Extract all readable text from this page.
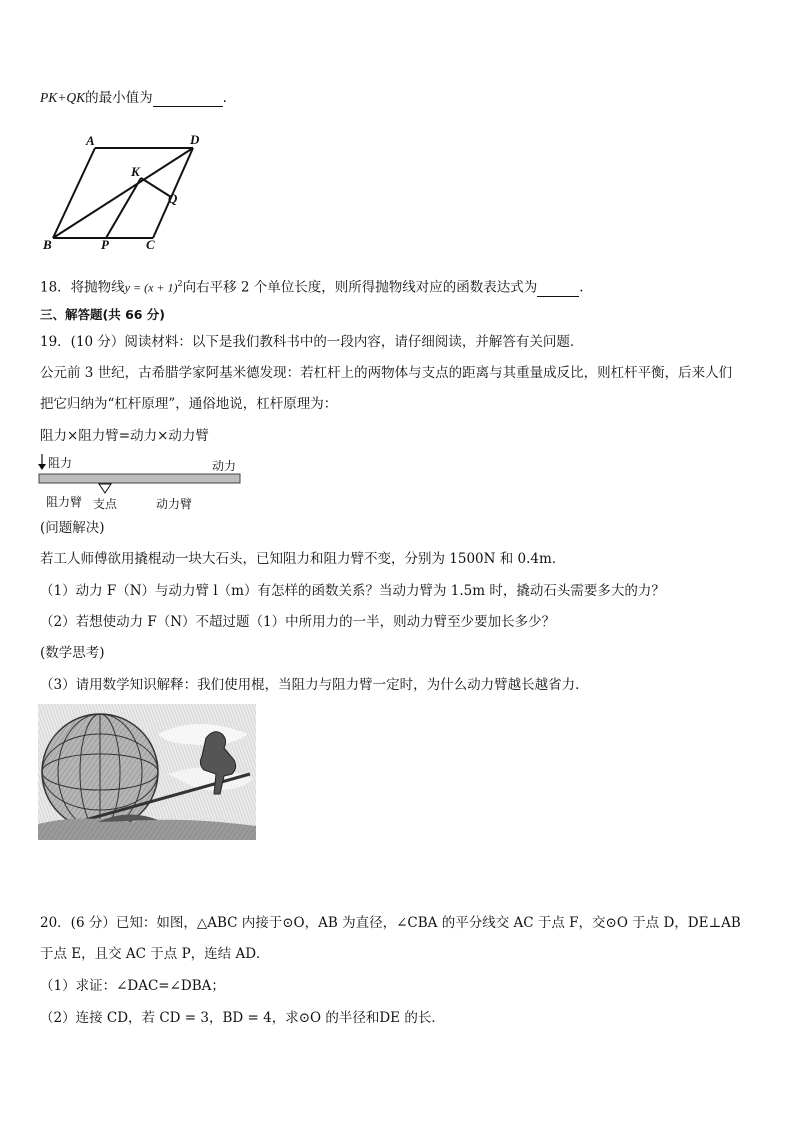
PK+QK的最小值为	.
A	D
K
Q
B	P	C
18．将抛物线$y = (x + 1)^2$向右平移 2 个单位长度，则所得抛物线对应的函数表达式为	.
三、解答题(共 66 分)
19．(10 分）阅读材料：以下是我们教科书中的一段内容，请仔细阅读，并解答有关问题．
公元前 3 世纪，古希腊学家阿基米德发现：若杠杆上的两物体与支点的距离与其重量成反比，则杠杆平衡，后来人们
把它归纳为“杠杆原理”，通俗地说，杠杆原理为：
阻力×阻力臂=动力×动力臂
阻力	动力
阻力臂 支点	动力臂
(问题解决)
若工人师傅欲用撬棍动一块大石头，已知阻力和阻力臂不变，分别为 1500N 和 0.4m．
（1）动力 F（N）与动力臂 l（m）有怎样的函数关系？当动力臂为 1.5m 时，撬动石头需要多大的力？
（2）若想使动力 F（N）不超过题（1）中所用力的一半，则动力臂至少要加长多少？
(数学思考)
（3）请用数学知识解释：我们使用棍，当阻力与阻力臂一定时，为什么动力臂越长越省力．
20．(6 分）已知：如图，△ABC 内接于⊙O，AB 为直径，∠CBA 的平分线交 AC 于点 F，交⊙O 于点 D，DE⊥AB
于点 E，且交 AC 于点 P，连结 AD．
（1）求证：∠DAC=∠DBA；
（2）连接 CD，若 CD = 3，BD = 4，求⊙O 的半径和DE 的长．
